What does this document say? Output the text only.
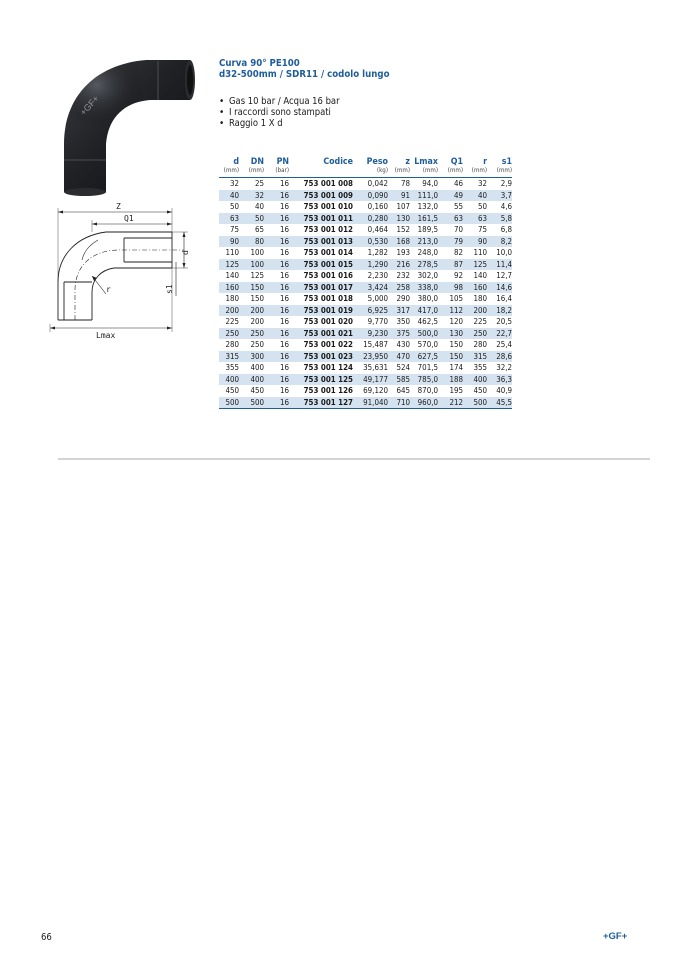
+GF+
Z
Q1
d
s1
r
Lmax
Curva 90° PE100
d32-500mm / SDR11 / codolo lungo
• Gas 10 bar / Acqua 16 bar
• I raccordi sono stampati
• Raggio 1 X d
d	DN	PN	Codice	Peso	z	Lmax	Q1	r	s1
(mm)	(mm)	(bar)		(kg)	(mm)	(mm)	(mm)	(mm)	(mm)
32	25	16	753 001 008	0,042	78	94,0	46	32	2,9
40	32	16	753 001 009	0,090	91	111,0	49	40	3,7
50	40	16	753 001 010	0,160	107	132,0	55	50	4,6
63	50	16	753 001 011	0,280	130	161,5	63	63	5,8
75	65	16	753 001 012	0,464	152	189,5	70	75	6,8
90	80	16	753 001 013	0,530	168	213,0	79	90	8,2
110	100	16	753 001 014	1,282	193	248,0	82	110	10,0
125	100	16	753 001 015	1,290	216	278,5	87	125	11,4
140	125	16	753 001 016	2,230	232	302,0	92	140	12,7
160	150	16	753 001 017	3,424	258	338,0	98	160	14,6
180	150	16	753 001 018	5,000	290	380,0	105	180	16,4
200	200	16	753 001 019	6,925	317	417,0	112	200	18,2
225	200	16	753 001 020	9,770	350	462,5	120	225	20,5
250	250	16	753 001 021	9,230	375	500,0	130	250	22,7
280	250	16	753 001 022	15,487	430	570,0	150	280	25,4
315	300	16	753 001 023	23,950	470	627,5	150	315	28,6
355	400	16	753 001 124	35,631	524	701,5	174	355	32,2
400	400	16	753 001 125	49,177	585	785,0	188	400	36,3
450	450	16	753 001 126	69,120	645	870,0	195	450	40,9
500	500	16	753 001 127	91,040	710	960,0	212	500	45,5
66	+GF+
